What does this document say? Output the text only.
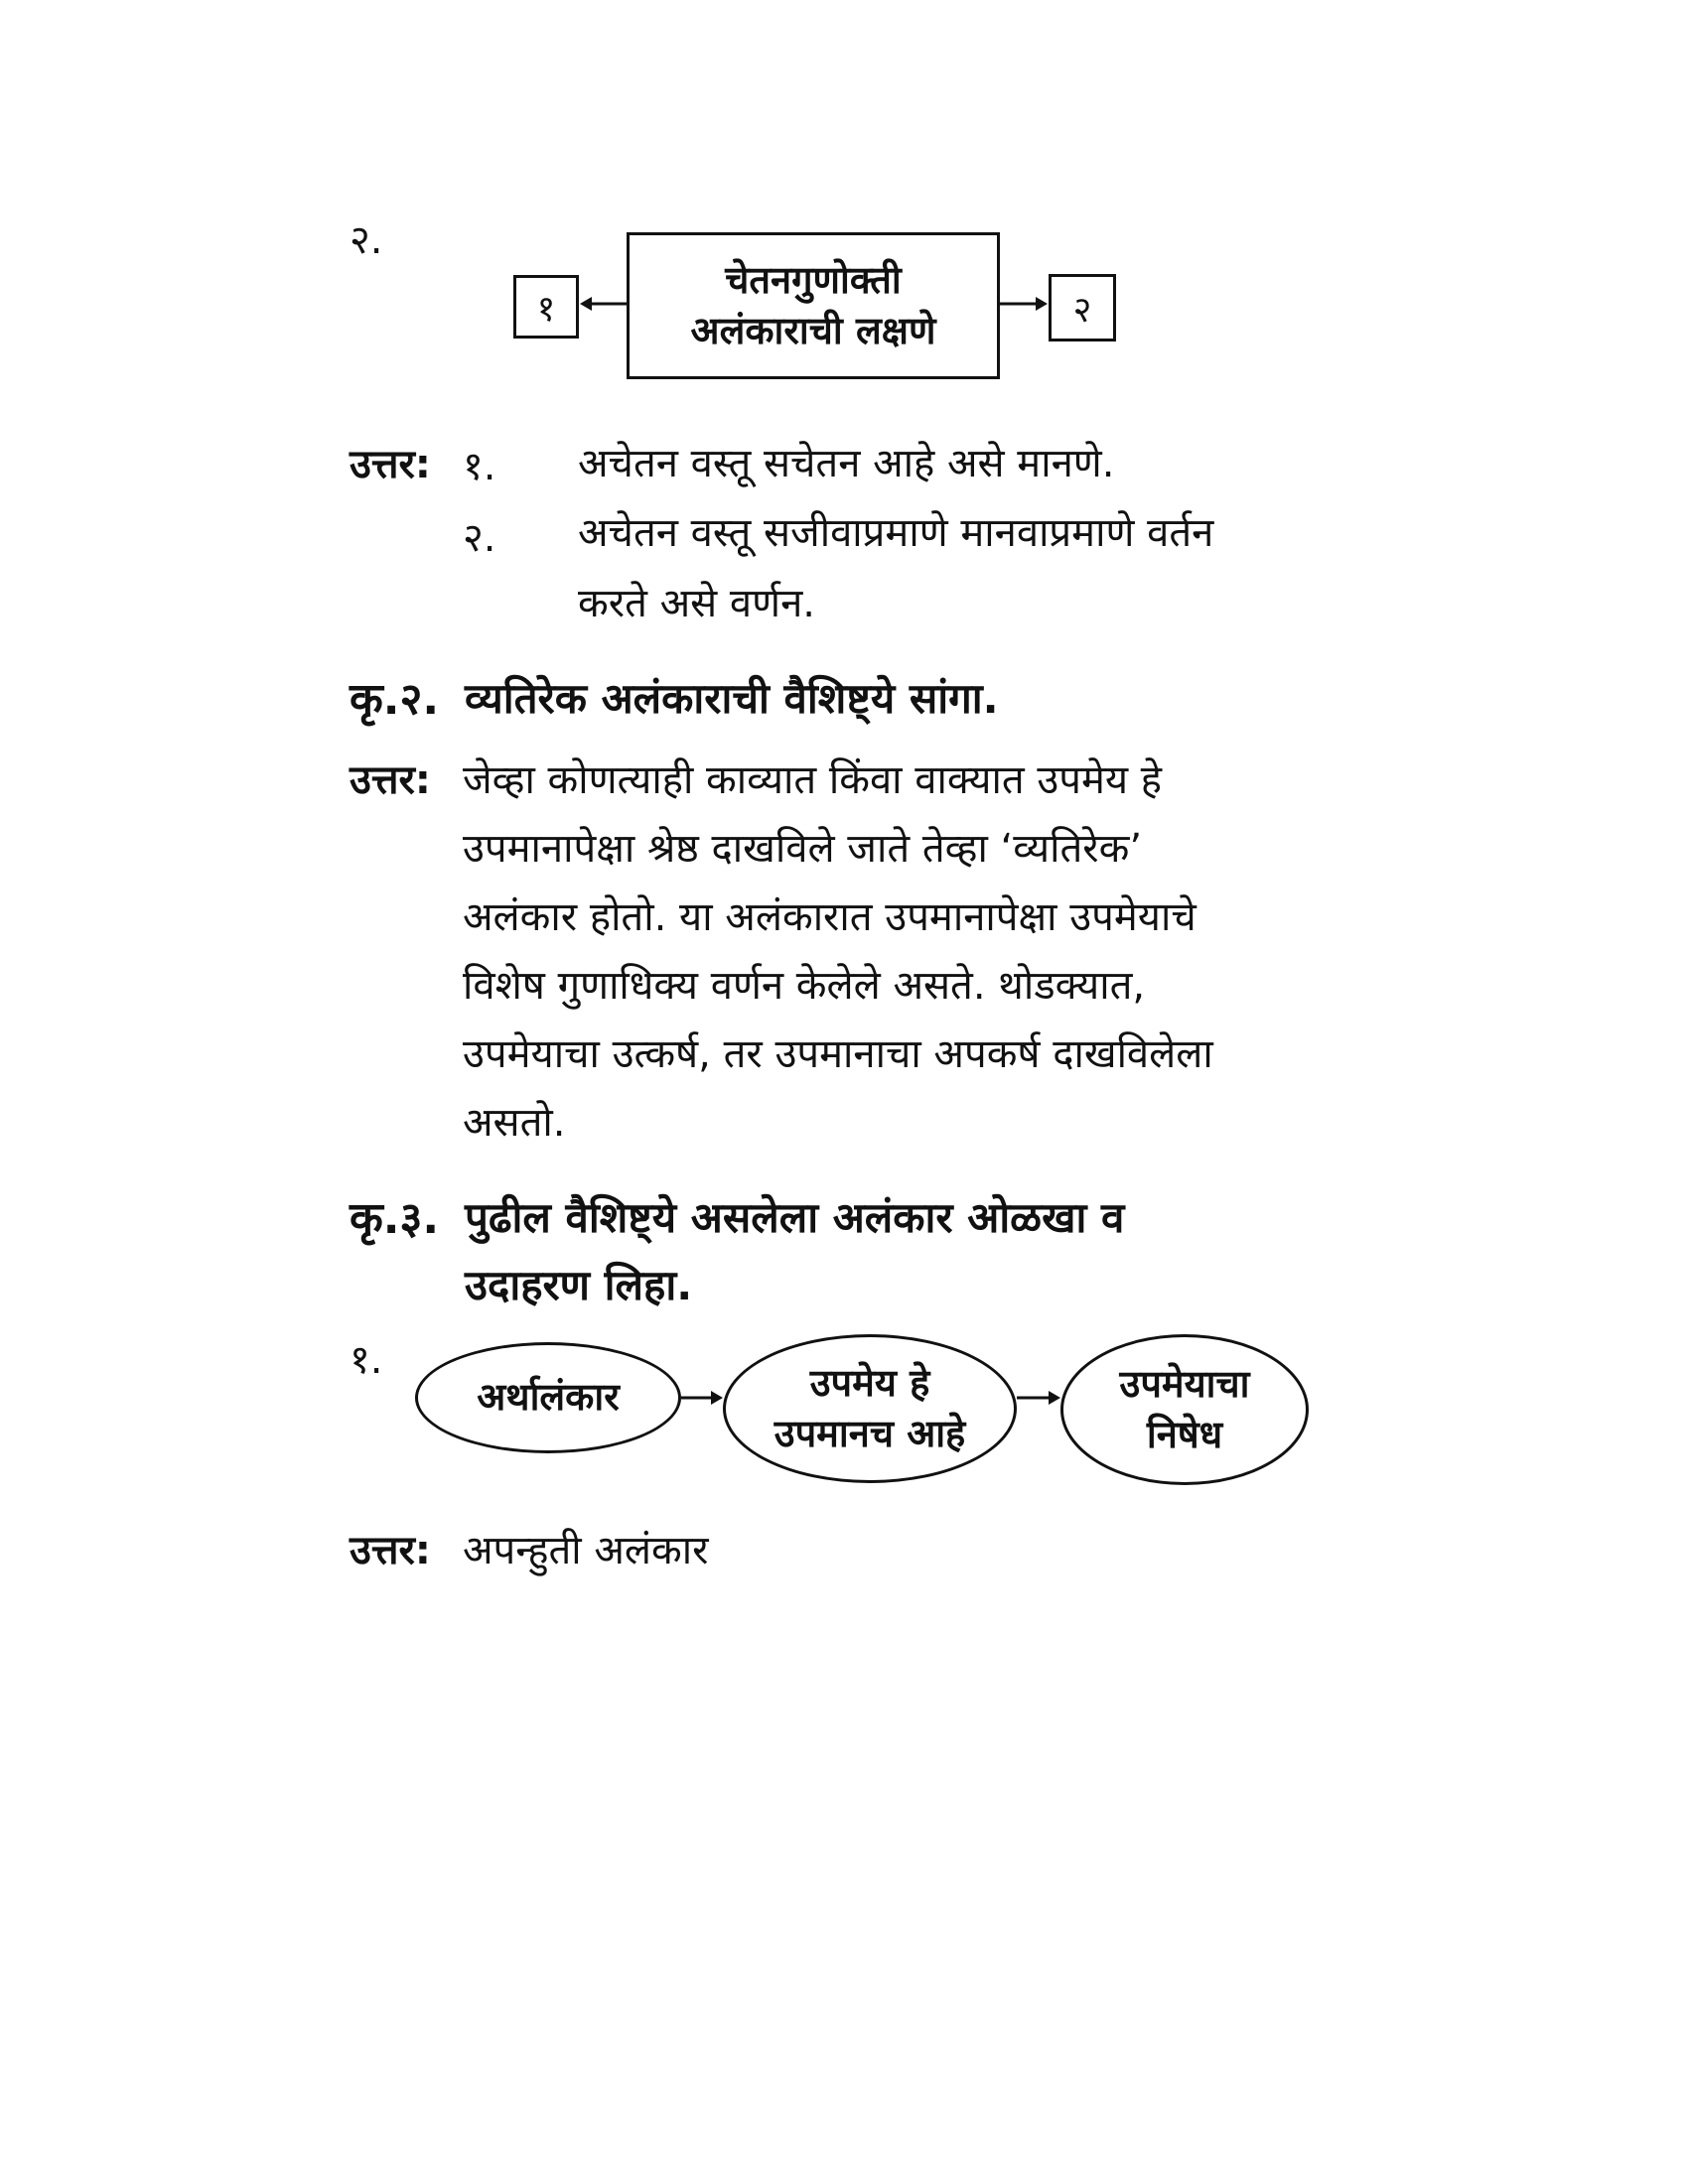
२.
चेतनगुणोक्ती
अलंकाराची लक्षणे
१	२
उत्तर: १. अचेतन वस्तू सचेतन आहे असे मानणे.
२. अचेतन वस्तू सजीवाप्रमाणे मानवाप्रमाणे वर्तन
करते असे वर्णन.
कृ.२. व्यतिरेक अलंकाराची वैशिष्ट्ये सांगा.
उत्तर: जेव्हा कोणत्याही काव्यात किंवा वाक्यात उपमेय हे
उपमानापेक्षा श्रेष्ठ दाखविले जाते तेव्हा ‘व्यतिरेक’
अलंकार होतो. या अलंकारात उपमानापेक्षा उपमेयाचे
विशेष गुणाधिक्य वर्णन केलेले असते. थोडक्यात,
उपमेयाचा उत्कर्ष, तर उपमानाचा अपकर्ष दाखविलेला
असतो.
कृ.३. पुढील वैशिष्ट्ये असलेला अलंकार ओळखा व
उदाहरण लिहा.
१.
अर्थालंकार	उपमेय हे
उपमानच आहे
उपमेयाचा
निषेध
उत्तर: अपन्हुती अलंकार
